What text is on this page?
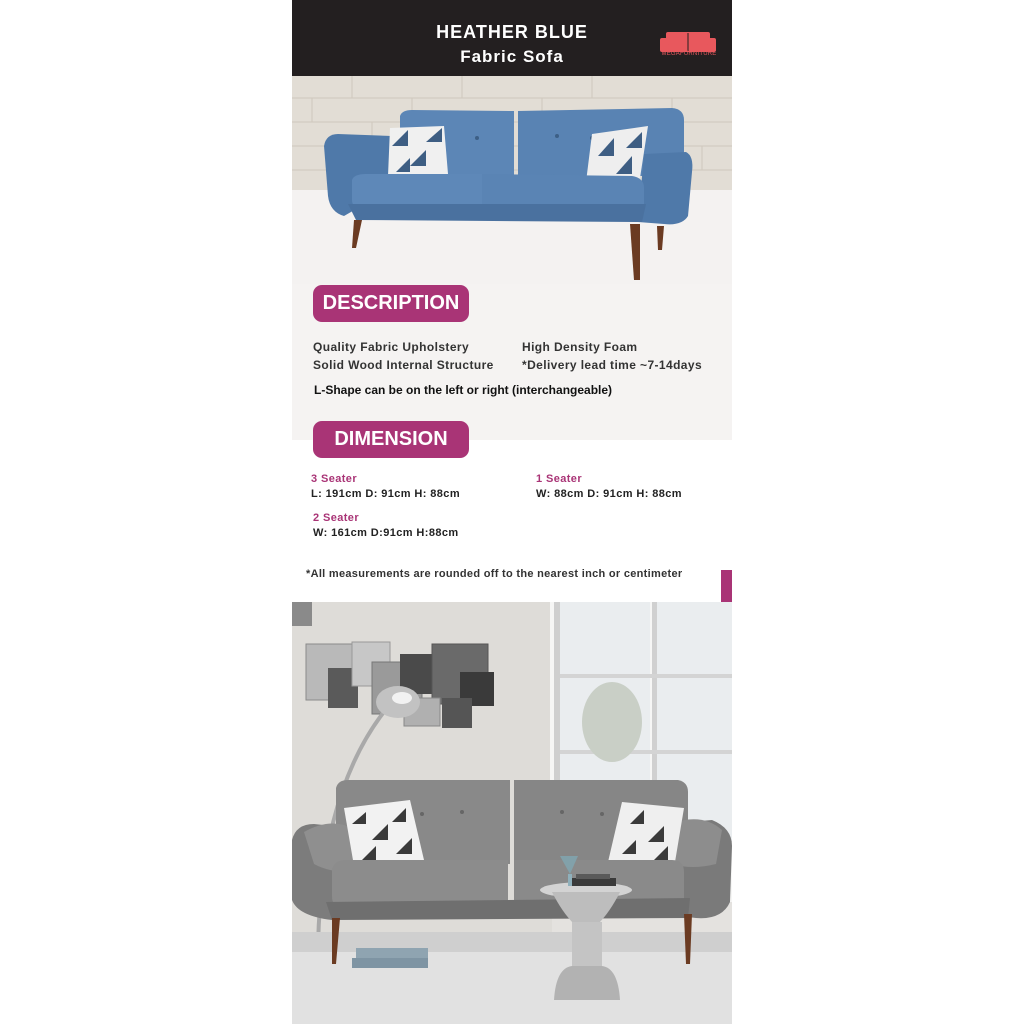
HEATHER BLUE
Fabric Sofa	MEGAFURNITURE
DESCRIPTION
Quality Fabric Upholstery
Solid Wood Internal Structure
High Density Foam
*Delivery lead time ~7-14days
L-Shape can be on the left or right (interchangeable)
DIMENSION
3 Seater
L: 191cm D: 91cm H: 88cm
1 Seater
W: 88cm D: 91cm H: 88cm
2 Seater
W: 161cm D:91cm H:88cm
*All measurements are rounded off to the nearest inch or centimeter
